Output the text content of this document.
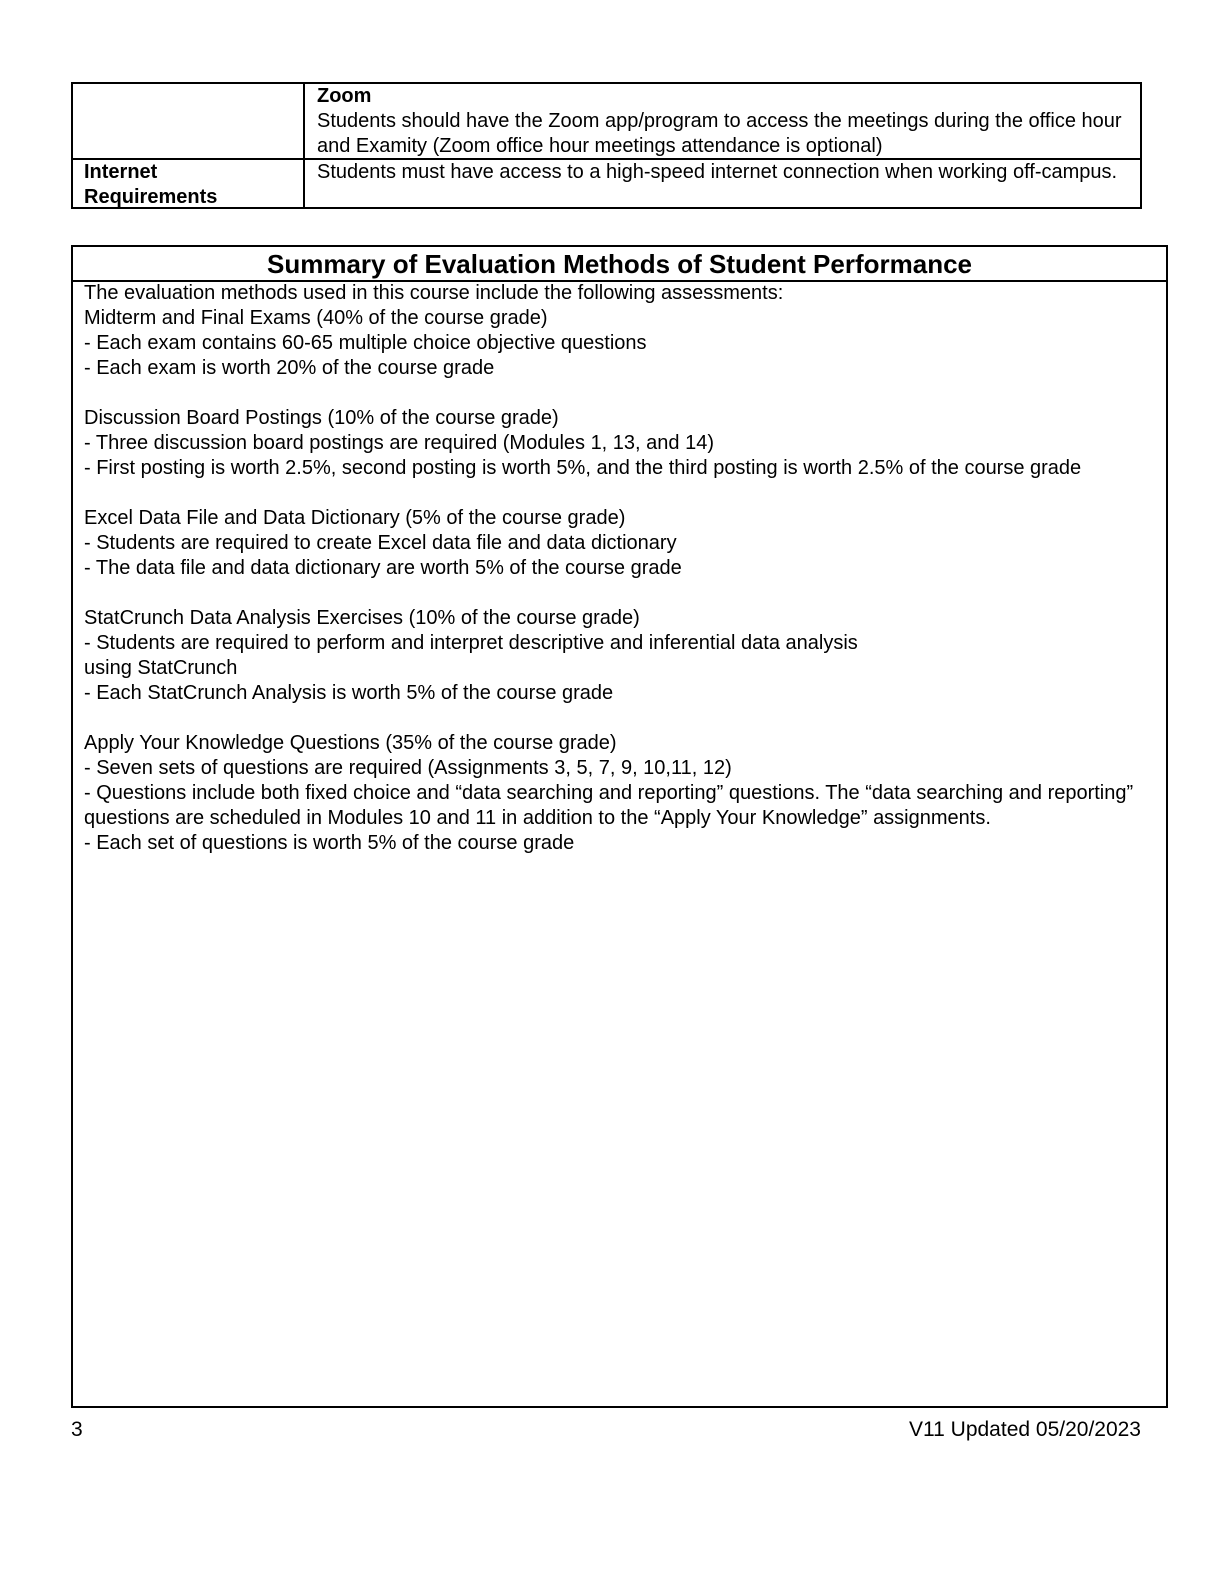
Zoom
Students should have the Zoom app/program to access the meetings during the office hour and Examity (Zoom office hour meetings attendance is optional)
Internet Requirements
Students must have access to a high-speed internet connection when working off-campus.
Summary of Evaluation Methods of Student Performance
The evaluation methods used in this course include the following assessments:
Midterm and Final Exams (40% of the course grade)
- Each exam contains 60-65 multiple choice objective questions
- Each exam is worth 20% of the course grade
Discussion Board Postings (10% of the course grade)
- Three discussion board postings are required (Modules 1, 13, and 14)
- First posting is worth 2.5%, second posting is worth 5%, and the third posting is worth 2.5% of the course grade
Excel Data File and Data Dictionary (5% of the course grade)
- Students are required to create Excel data file and data dictionary
- The data file and data dictionary are worth 5% of the course grade
StatCrunch Data Analysis Exercises (10% of the course grade)
- Students are required to perform and interpret descriptive and inferential data analysis
using StatCrunch
- Each StatCrunch Analysis is worth 5% of the course grade
Apply Your Knowledge Questions (35% of the course grade)
- Seven sets of questions are required (Assignments 3, 5, 7, 9, 10,11, 12)
- Questions include both fixed choice and “data searching and reporting” questions. The “data searching and reporting” questions are scheduled in Modules 10 and 11 in addition to the “Apply Your Knowledge” assignments.
- Each set of questions is worth 5% of the course grade
3	V11 Updated 05/20/2023
